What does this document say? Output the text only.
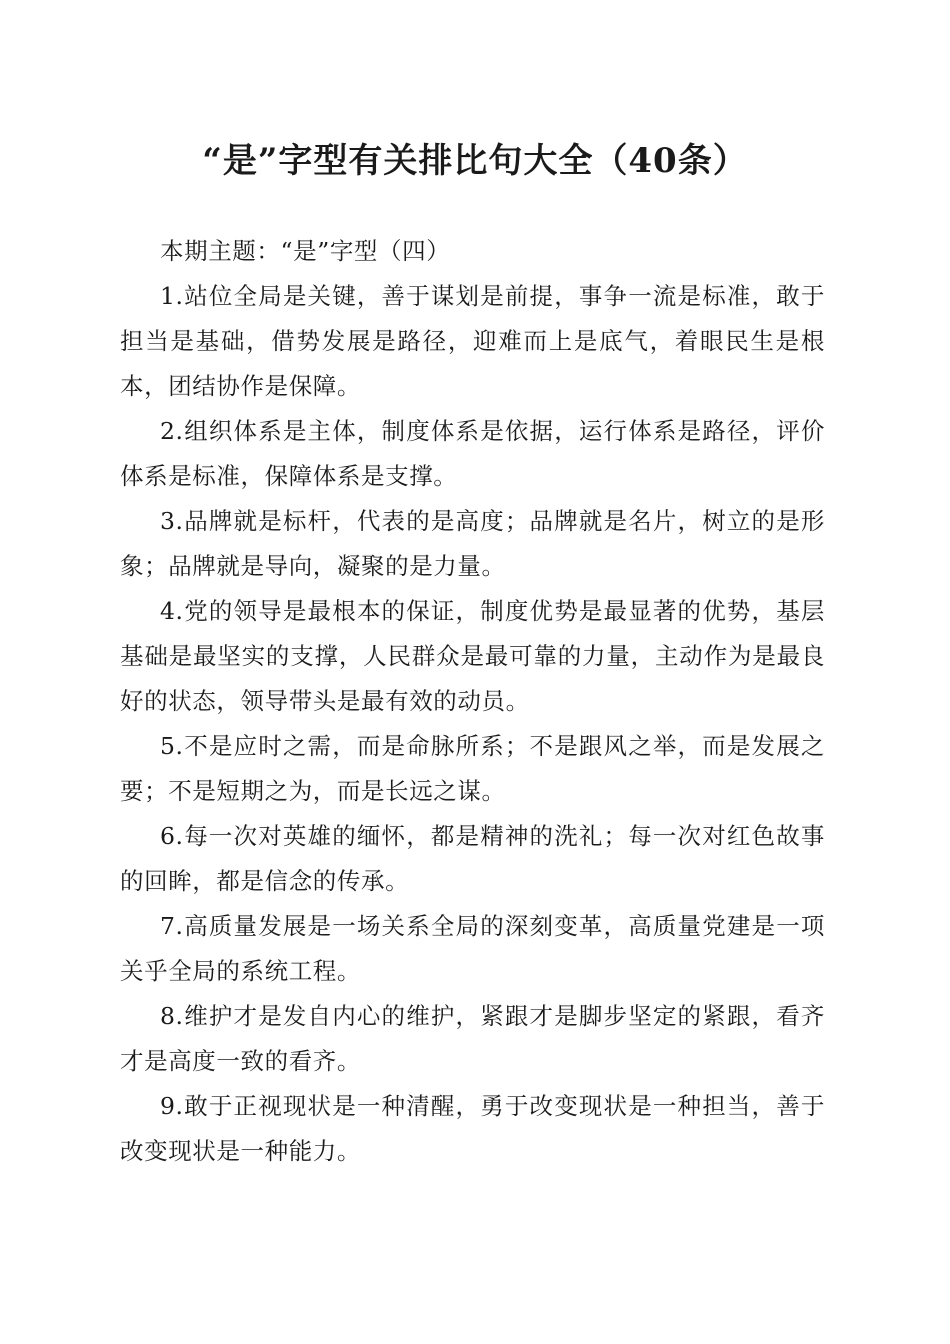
“是”字型有关排比句大全（40条）

本期主题：“是”字型（四）

1.站位全局是关键，善于谋划是前提，事争一流是标准，敢于担当是基础，借势发展是路径，迎难而上是底气，着眼民生是根本，团结协作是保障。

2.组织体系是主体，制度体系是依据，运行体系是路径，评价体系是标准，保障体系是支撑。

3.品牌就是标杆，代表的是高度；品牌就是名片，树立的是形象；品牌就是导向，凝聚的是力量。

4.党的领导是最根本的保证，制度优势是最显著的优势，基层基础是最坚实的支撑，人民群众是最可靠的力量，主动作为是最良好的状态，领导带头是最有效的动员。

5.不是应时之需，而是命脉所系；不是跟风之举，而是发展之要；不是短期之为，而是长远之谋。

6.每一次对英雄的缅怀，都是精神的洗礼；每一次对红色故事的回眸，都是信念的传承。

7.高质量发展是一场关系全局的深刻变革，高质量党建是一项关乎全局的系统工程。

8.维护才是发自内心的维护，紧跟才是脚步坚定的紧跟，看齐才是高度一致的看齐。

9.敢于正视现状是一种清醒，勇于改变现状是一种担当，善于改变现状是一种能力。
